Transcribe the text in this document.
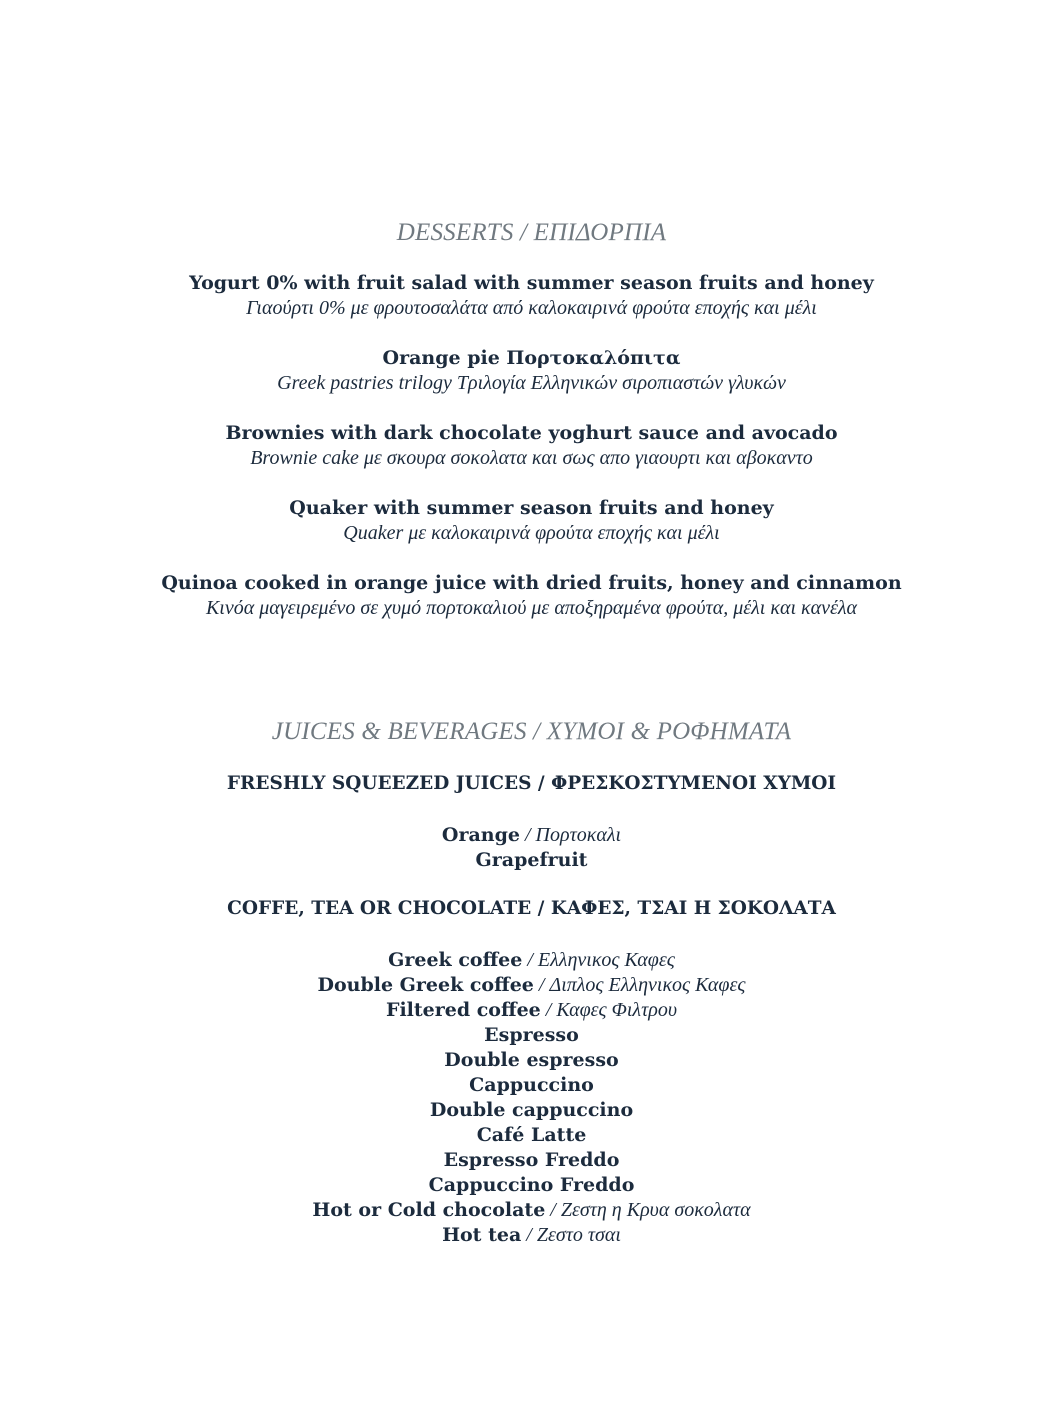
DESSERTS / ΕΠΙΔΟΡΠΙΑ
Yogurt 0% with fruit salad with summer season fruits and honey
Γιαούρτι 0% με φρουτοσαλάτα από καλοκαιρινά φρούτα εποχής και μέλι
Orange pie Πορτοκαλόπιτα
Greek pastries trilogy Τριλογία Ελληνικών σιροπιαστών γλυκών
Brownies with dark chocolate yoghurt sauce and avocado
Brownie cake με σκουρα σοκολατα και σως απο γιαουρτι και αβοκαντο
Quaker with summer season fruits and honey
Quaker με καλοκαιρινά φρούτα εποχής και μέλι
Quinoa cooked in orange juice with dried fruits, honey and cinnamon
Κινόα μαγειρεμένο σε χυμό πορτοκαλιού με αποξηραμένα φρούτα, μέλι και κανέλα
JUICES & BEVERAGES / ΧΥΜΟΙ & ΡΟΦΗΜΑΤΑ
FRESHLY SQUEEZED JUICES / ΦΡΕΣΚΟΣΤΥΜΕΝΟΙ ΧΥΜΟΙ
Orange / Πορτοκαλι
Grapefruit
COFFE, TEA OR CHOCOLATE / ΚΑΦΕΣ, ΤΣΑΙ Η ΣΟΚΟΛΑΤΑ
Greek coffee / Ελληνικος Καφες
Double Greek coffee / Διπλος Ελληνικος Καφες
Filtered coffee / Καφες Φιλτρου
Espresso
Double espresso
Cappuccino
Double cappuccino
Café Latte
Espresso Freddo
Cappuccino Freddo
Hot or Cold chocolate / Ζεστη η Κρυα σοκολατα
Hot tea / Ζεστο τσαι
